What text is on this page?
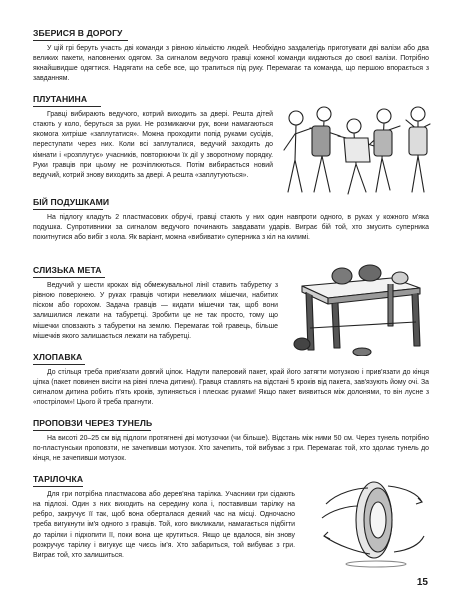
ЗБЕРИСЯ В ДОРОГУ

У цій грі беруть участь дві команди з рівною кількістю людей. Необхідно заздалегідь приготувати дві валізи або два великих пакети, наповнених одягом. За сигналом ведучого гравці кожної команди кидаються до своєї валізи. Потрібно якнайшвидше одягтися. Надягати на себе все, що трапиться під руку. Перемагає та команда, що першою впорається з завданням.

ПЛУТАНИНА

Гравці вибирають ведучого, котрий виходить за двері. Решта дітей стають у коло, беруться за руки. Не розмикаючи рук, вони намагаються якомога хитріше «заплутатися». Можна проходити попід руками сусідів, переступати через них. Коли всі заплуталися, ведучий заходить до кімнати і «розплутує» учасників, повторюючи їх дії у зворотному порядку. Руки гравців при цьому не розчіплюються. Потім вибирається новий ведучий, котрий знову виходить за двері. А решта «заплутуються».

БІЙ ПОДУШКАМИ

На підлогу кладуть 2 пластмасових обручі, гравці стають у них один навпроти одного, в руках у кожного м'яка подушка. Супротивники за сигналом ведучого починають завдавати ударів. Виграє бій той, хто змусить суперника похитнутися або вибіг з кола. Як варіант, можна «вибивати» суперника з кіл на килимі.

СЛИЗЬКА МЕТА

Ведучий у шести кроках від обмежувальної лінії ставить табуретку з рівною поверхнею. У руках гравців чотири невеликих мішечки, набитих піском або горохом. Задача гравців — кидати мішечки так, щоб вони залишилися лежати на табуретці. Зробити це не так просто, тому що мішечки сповзають з табуретки на землю. Перемагає той гравець, більше мішечків якого залишається лежати на табуретці.

ХЛОПАВКА

До стільця треба прив'язати довгий ціпок. Надути паперовий пакет, край його затягти мотузкою і прив'язати до кінця ціпка (пакет повинен висіти на рівні плеча дитини). Гравця ставлять на відстані 5 кроків від пакета, зав'язують йому очі. За сигналом дитина робить п'ять кроків, зупиняється і плескає руками! Якщо пакет виявиться між долонями, то він лусне з «пострілом»! Цього й треба прагнути.

ПРОПОВЗИ ЧЕРЕЗ ТУНЕЛЬ

На висоті 20–25 см від підлоги протягнені дві мотузочки (чи більше). Відстань між ними 50 см. Через тунель потрібно по-пластунськи проповзти, не зачепивши мотузок. Хто зачепить, той вибуває з гри. Перемагає той, хто здолає тунель до кінця, не зачепивши мотузок.

ТАРІЛОЧКА

Для гри потрібна пластмасова або дерев'яна тарілка. Учасники гри сідають на підлозі. Один з них виходить на середину кола і, поставивши тарілку на ребро, закручує її так, щоб вона оберталася деякий час на місці. Одночасно треба вигукнути ім'я одного з гравців. Той, кого викликали, намагається підбігти до тарілки і підхопити її, поки вона ще крутиться. Якщо це вдалося, він знову розкручує тарілку і вигукує ще чиєсь ім'я. Хто забариться, той вибуває з гри. Виграє той, хто залишиться.

15
